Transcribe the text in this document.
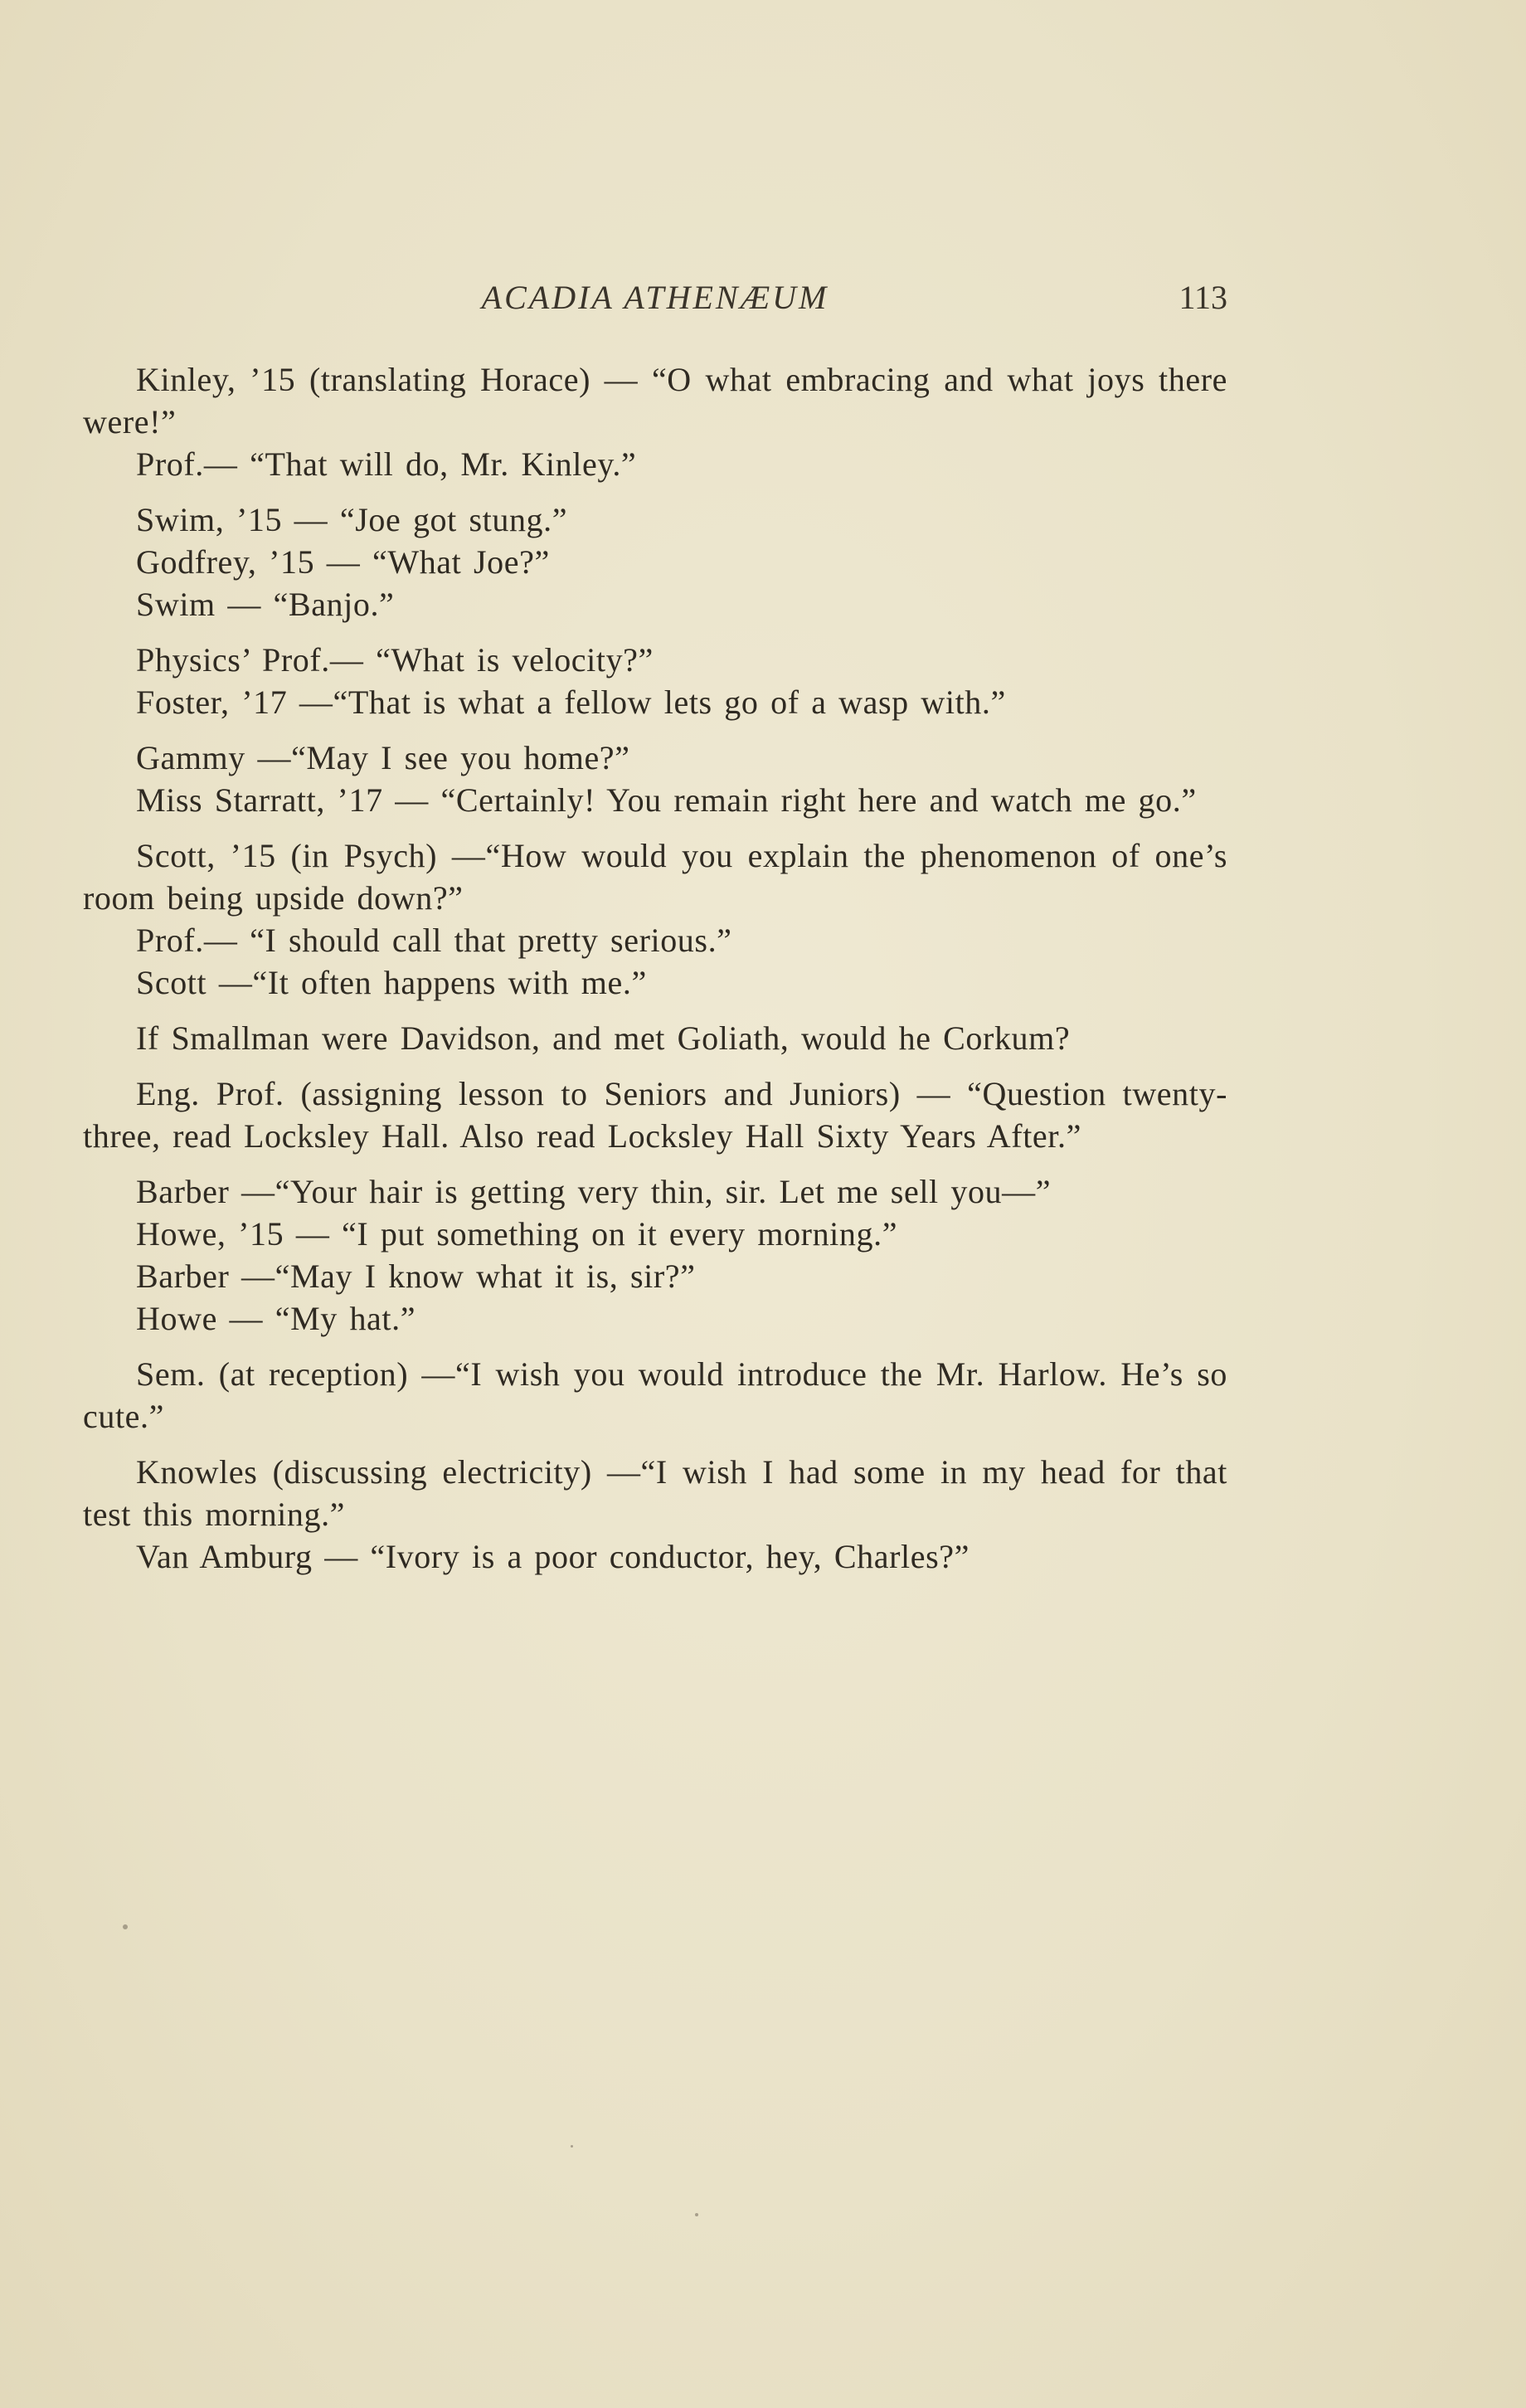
ACADIA ATHENÆUM	113

Kinley, ’15 (translating Horace) — “O what embracing and what joys there were!”

Prof.— “That will do, Mr. Kinley.”

Swim, ’15 — “Joe got stung.”

Godfrey, ’15 — “What Joe?”

Swim — “Banjo.”

Physics’ Prof.— “What is velocity?”

Foster, ’17 —“That is what a fellow lets go of a wasp with.”

Gammy —“May I see you home?”

Miss Starratt, ’17 — “Certainly! You remain right here and watch me go.”

Scott, ’15 (in Psych) —“How would you explain the phenomenon of one’s room being upside down?”

Prof.— “I should call that pretty serious.”

Scott —“It often happens with me.”

If Smallman were Davidson, and met Goliath, would he Corkum?

Eng. Prof. (assigning lesson to Seniors and Juniors) — “Question twenty-three, read Locksley Hall. Also read Locksley Hall Sixty Years After.”

Barber —“Your hair is getting very thin, sir. Let me sell you—”

Howe, ’15 — “I put something on it every morning.”

Barber —“May I know what it is, sir?”

Howe — “My hat.”

Sem. (at reception) —“I wish you would introduce the Mr. Harlow. He’s so cute.”

Knowles (discussing electricity) —“I wish I had some in my head for that test this morning.”

Van Amburg — “Ivory is a poor conductor, hey, Charles?”
